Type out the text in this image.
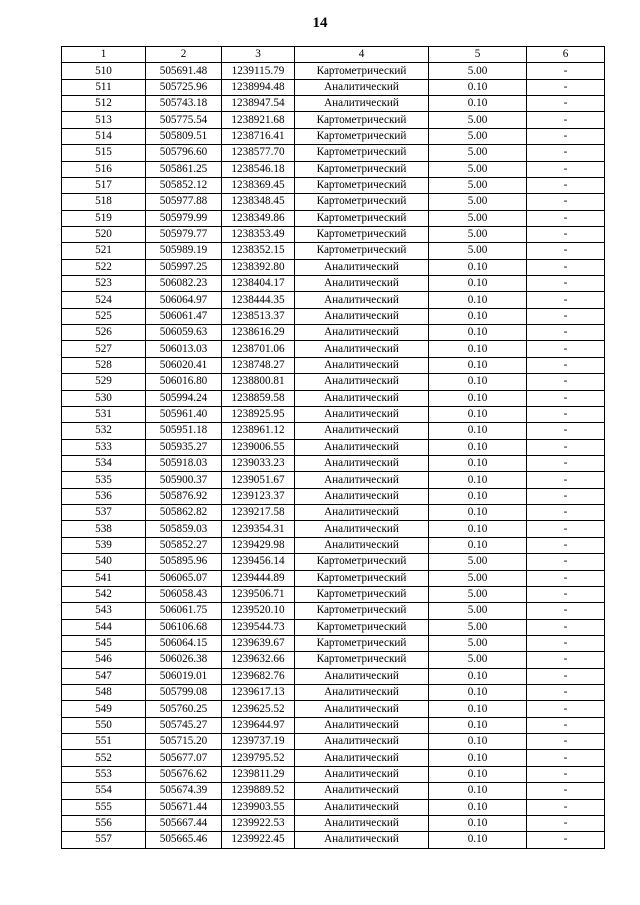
14
1	2	3	4	5	6
510	505691.48	1239115.79	Картометрический	5.00	-
511	505725.96	1238994.48	Аналитический	0.10	-
512	505743.18	1238947.54	Аналитический	0.10	-
513	505775.54	1238921.68	Картометрический	5.00	-
514	505809.51	1238716.41	Картометрический	5.00	-
515	505796.60	1238577.70	Картометрический	5.00	-
516	505861.25	1238546.18	Картометрический	5.00	-
517	505852.12	1238369.45	Картометрический	5.00	-
518	505977.88	1238348.45	Картометрический	5.00	-
519	505979.99	1238349.86	Картометрический	5.00	-
520	505979.77	1238353.49	Картометрический	5.00	-
521	505989.19	1238352.15	Картометрический	5.00	-
522	505997.25	1238392.80	Аналитический	0.10	-
523	506082.23	1238404.17	Аналитический	0.10	-
524	506064.97	1238444.35	Аналитический	0.10	-
525	506061.47	1238513.37	Аналитический	0.10	-
526	506059.63	1238616.29	Аналитический	0.10	-
527	506013.03	1238701.06	Аналитический	0.10	-
528	506020.41	1238748.27	Аналитический	0.10	-
529	506016.80	1238800.81	Аналитический	0.10	-
530	505994.24	1238859.58	Аналитический	0.10	-
531	505961.40	1238925.95	Аналитический	0.10	-
532	505951.18	1238961.12	Аналитический	0.10	-
533	505935.27	1239006.55	Аналитический	0.10	-
534	505918.03	1239033.23	Аналитический	0.10	-
535	505900.37	1239051.67	Аналитический	0.10	-
536	505876.92	1239123.37	Аналитический	0.10	-
537	505862.82	1239217.58	Аналитический	0.10	-
538	505859.03	1239354.31	Аналитический	0.10	-
539	505852.27	1239429.98	Аналитический	0.10	-
540	505895.96	1239456.14	Картометрический	5.00	-
541	506065.07	1239444.89	Картометрический	5.00	-
542	506058.43	1239506.71	Картометрический	5.00	-
543	506061.75	1239520.10	Картометрический	5.00	-
544	506106.68	1239544.73	Картометрический	5.00	-
545	506064.15	1239639.67	Картометрический	5.00	-
546	506026.38	1239632.66	Картометрический	5.00	-
547	506019.01	1239682.76	Аналитический	0.10	-
548	505799.08	1239617.13	Аналитический	0.10	-
549	505760.25	1239625.52	Аналитический	0.10	-
550	505745.27	1239644.97	Аналитический	0.10	-
551	505715.20	1239737.19	Аналитический	0.10	-
552	505677.07	1239795.52	Аналитический	0.10	-
553	505676.62	1239811.29	Аналитический	0.10	-
554	505674.39	1239889.52	Аналитический	0.10	-
555	505671.44	1239903.55	Аналитический	0.10	-
556	505667.44	1239922.53	Аналитический	0.10	-
557	505665.46	1239922.45	Аналитический	0.10	-
